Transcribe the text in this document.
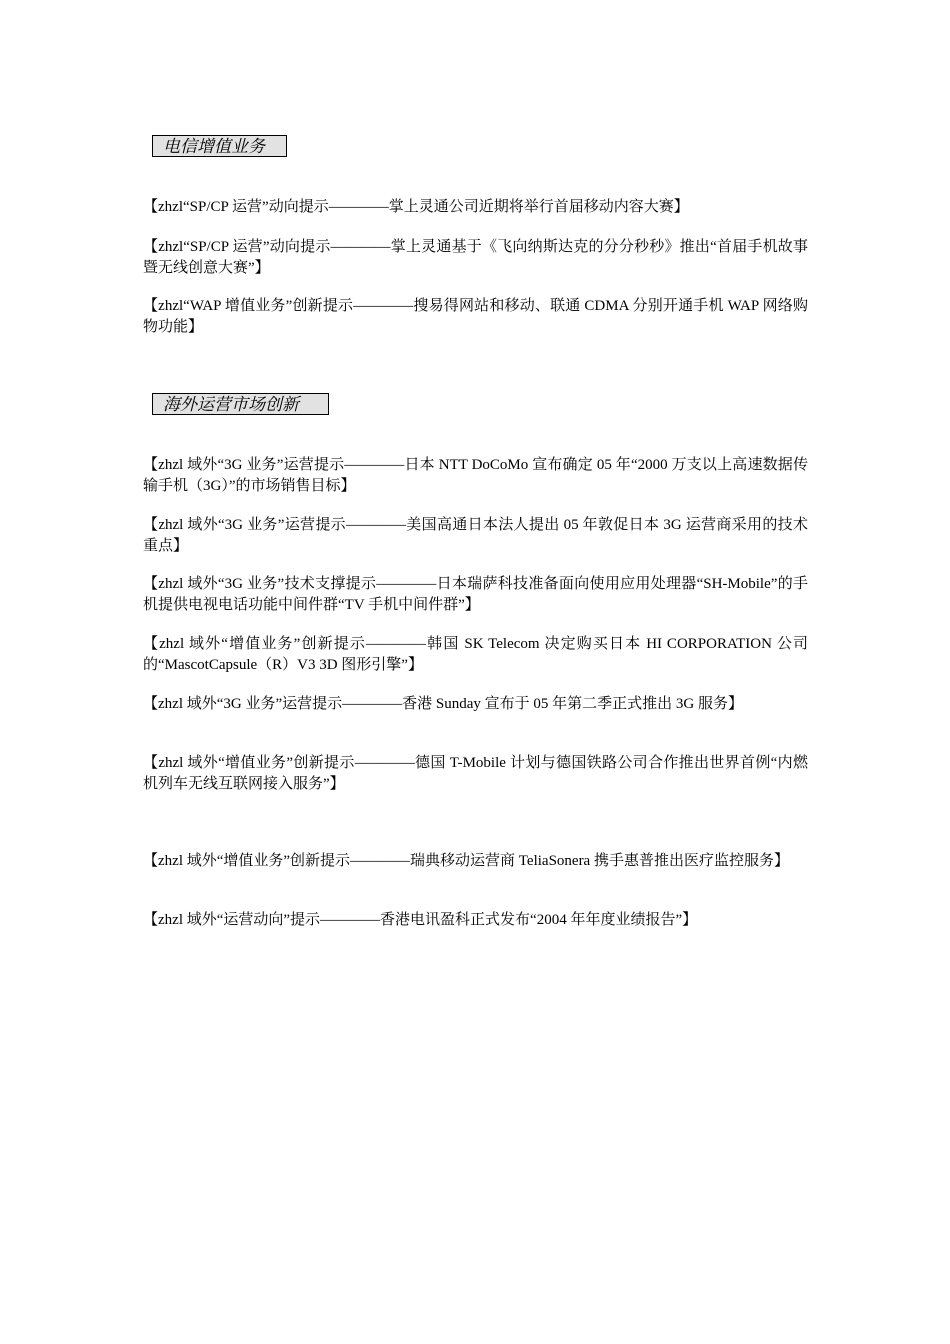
电信增值业务

【zhzl“SP/CP 运营”动向提示————掌上灵通公司近期将举行首届移动内容大赛】

【zhzl“SP/CP 运营”动向提示————掌上灵通基于《飞向纳斯达克的分分秒秒》推出“首届手机故事暨无线创意大赛”】

【zhzl“WAP 增值业务”创新提示————搜易得网站和移动、联通 CDMA 分别开通手机 WAP 网络购物功能】

海外运营市场创新

【zhzl 域外“3G 业务”运营提示————日本 NTT DoCoMo 宣布确定 05 年“2000 万支以上高速数据传输手机（3G）”的市场销售目标】

【zhzl 域外“3G 业务”运营提示————美国高通日本法人提出 05 年敦促日本 3G 运营商采用的技术重点】

【zhzl 域外“3G 业务”技术支撑提示————日本瑞萨科技准备面向使用应用处理器“SH-Mobile”的手机提供电视电话功能中间件群“TV 手机中间件群”】

【zhzl 域外“增值业务”创新提示————韩国 SK Telecom 决定购买日本 HI CORPORATION 公司的“MascotCapsule（R）V3 3D 图形引擎”】

【zhzl 域外“3G 业务”运营提示————香港 Sunday 宣布于 05 年第二季正式推出 3G 服务】

【zhzl 域外“增值业务”创新提示————德国 T-Mobile 计划与德国铁路公司合作推出世界首例“内燃机列车无线互联网接入服务”】

【zhzl 域外“增值业务”创新提示————瑞典移动运营商 TeliaSonera 携手惠普推出医疗监控服务】

【zhzl 域外“运营动向”提示————香港电讯盈科正式发布“2004 年年度业绩报告”】
